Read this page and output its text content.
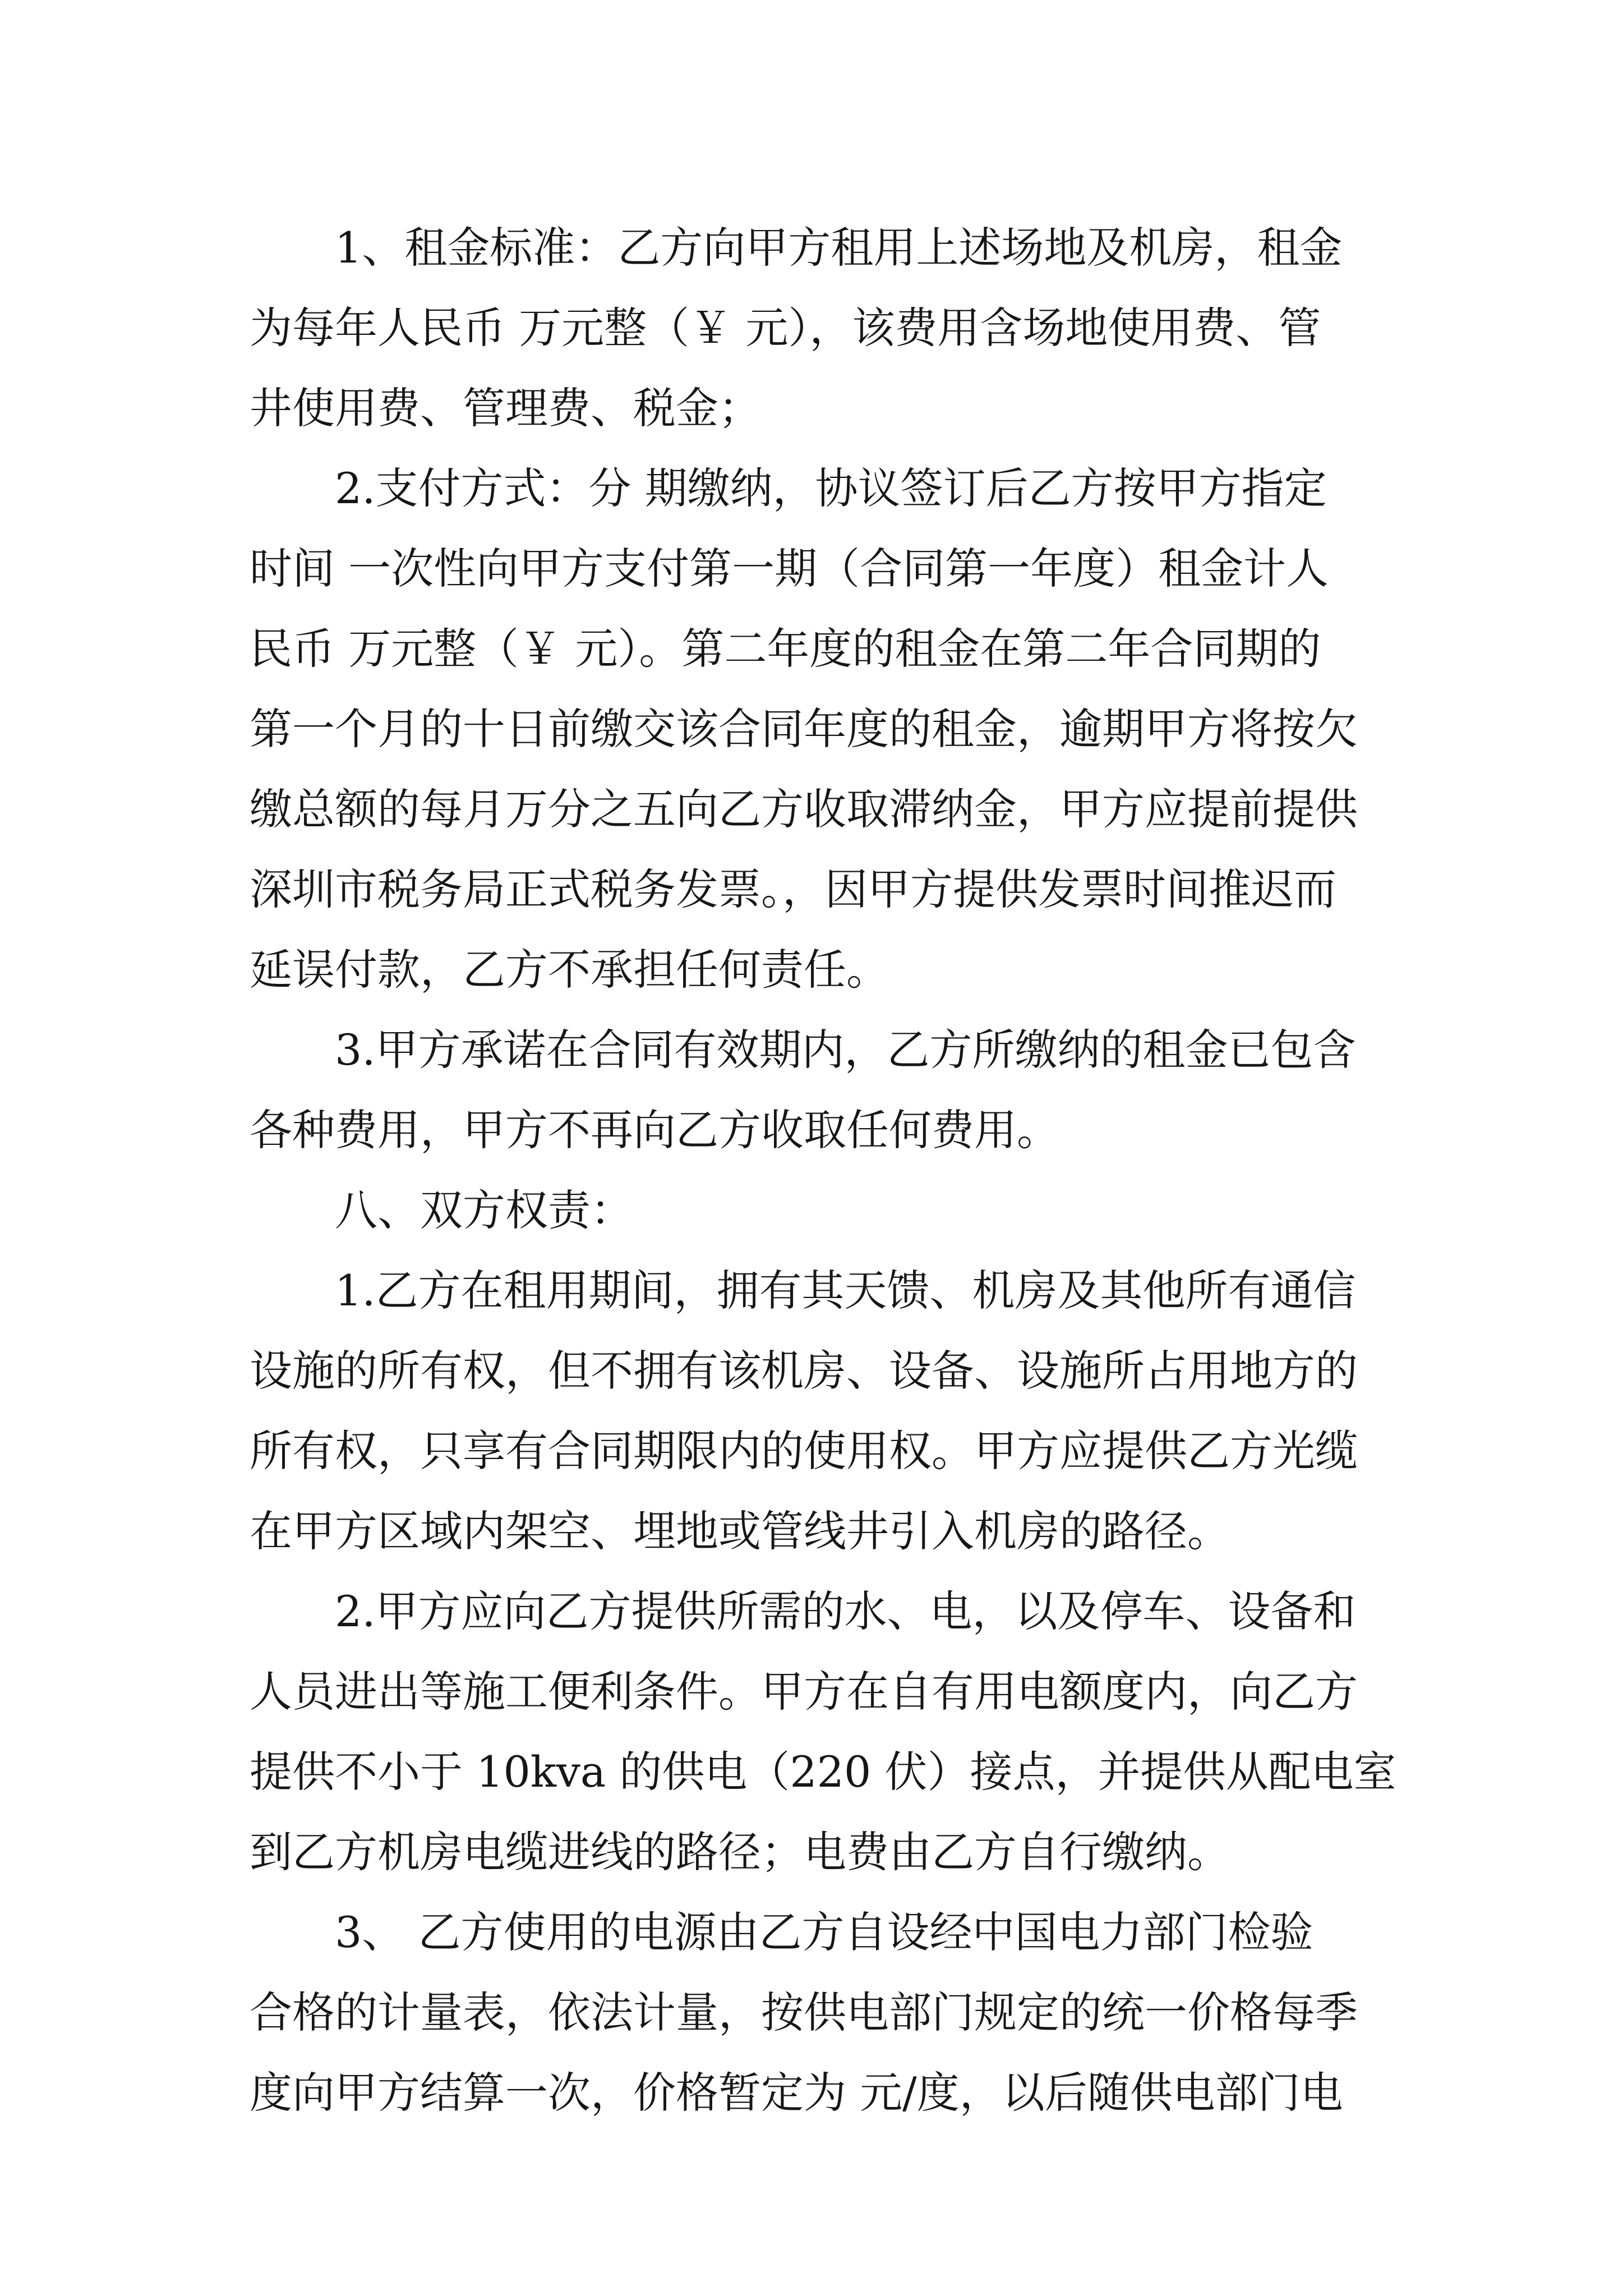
1、租金标准：乙方向甲方租用上述场地及机房，租金
为每年人民币 万元整（￥ 元），该费用含场地使用费、管
井使用费、管理费、税金；

2.支付方式：分 期缴纳，协议签订后乙方按甲方指定
时间 一次性向甲方支付第一期（合同第一年度）租金计人
民币 万元整（￥ 元）。第二年度的租金在第二年合同期的
第一个月的十日前缴交该合同年度的租金，逾期甲方将按欠
缴总额的每月万分之五向乙方收取滞纳金，甲方应提前提供
深圳市税务局正式税务发票。，因甲方提供发票时间推迟而
延误付款，乙方不承担任何责任。

3.甲方承诺在合同有效期内，乙方所缴纳的租金已包含
各种费用，甲方不再向乙方收取任何费用。

八、双方权责：

1.乙方在租用期间，拥有其天馈、机房及其他所有通信
设施的所有权，但不拥有该机房、设备、设施所占用地方的
所有权，只享有合同期限内的使用权。甲方应提供乙方光缆
在甲方区域内架空、埋地或管线井引入机房的路径。

2.甲方应向乙方提供所需的水、电，以及停车、设备和
人员进出等施工便利条件。甲方在自有用电额度内，向乙方
提供不小于 10kva 的供电（220 伏）接点，并提供从配电室
到乙方机房电缆进线的路径；电费由乙方自行缴纳。

3、 乙方使用的电源由乙方自设经中国电力部门检验
合格的计量表，依法计量，按供电部门规定的统一价格每季
度向甲方结算一次，价格暂定为 元/度，以后随供电部门电
